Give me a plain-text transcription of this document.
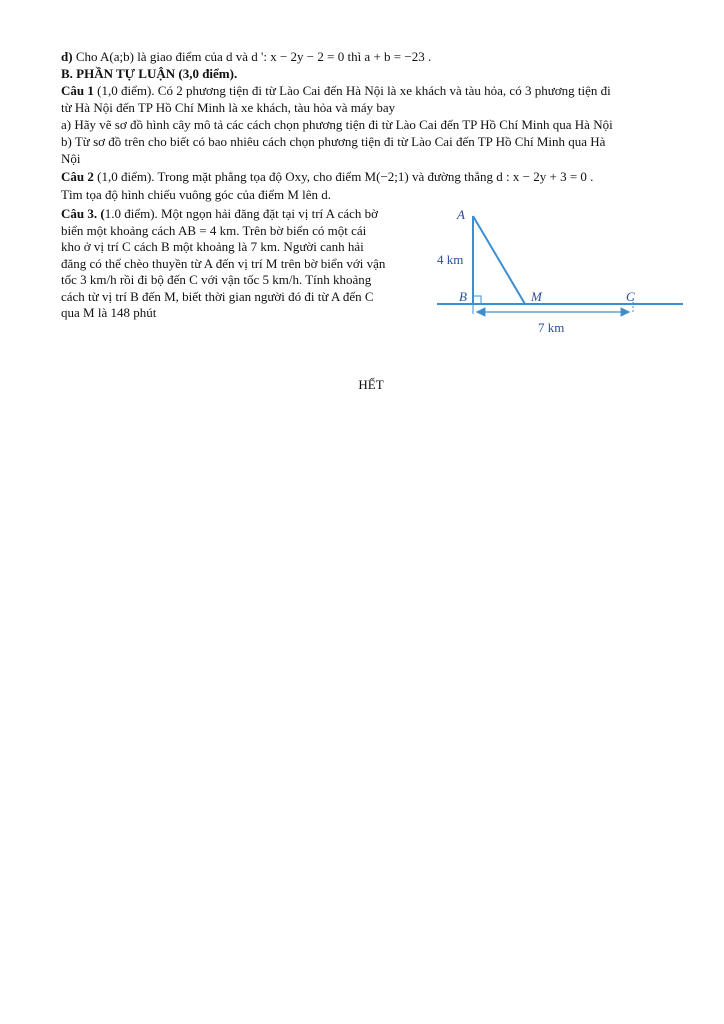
d) Cho A(a;b) là giao điểm của d và d ': x − 2y − 2 = 0 thì a + b = −23 .

B. PHẦN TỰ LUẬN (3,0 điểm).

Câu 1 (1,0 điểm). Có 2 phương tiện đi từ Lào Cai đến Hà Nội là xe khách và tàu hỏa, có 3 phương tiện đi

từ Hà Nội đến TP Hồ Chí Minh là xe khách, tàu hỏa và máy bay

a) Hãy vẽ sơ đồ hình cây mô tả các cách chọn phương tiện đi từ Lào Cai đến TP Hồ Chí Minh qua Hà Nội

b) Từ sơ đồ trên cho biết có bao nhiêu cách chọn phương tiện đi từ Lào Cai đến TP Hồ Chí Minh qua Hà

Nội

Câu 2 (1,0 điểm). Trong mặt phẳng tọa độ Oxy, cho điểm M(−2;1) và đường thẳng d : x − 2y + 3 = 0 .

Tìm tọa độ hình chiếu vuông góc của điểm M lên d.

Câu 3. (1.0 điểm). Một ngọn hải đăng đặt tại vị trí A cách bờ

biển một khoảng cách AB = 4 km. Trên bờ biển có một cái

kho ở vị trí C cách B một khoảng là 7 km. Người canh hải

đăng có thể chèo thuyền từ A đến vị trí M trên bờ biển với vận

tốc 3 km/h rồi đi bộ đến C với vận tốc 5 km/h. Tính khoảng

cách từ vị trí B đến M, biết thời gian người đó đi từ A đến C

qua M là 148 phút

A
4 km
B	M	C
7 km

HẾT
